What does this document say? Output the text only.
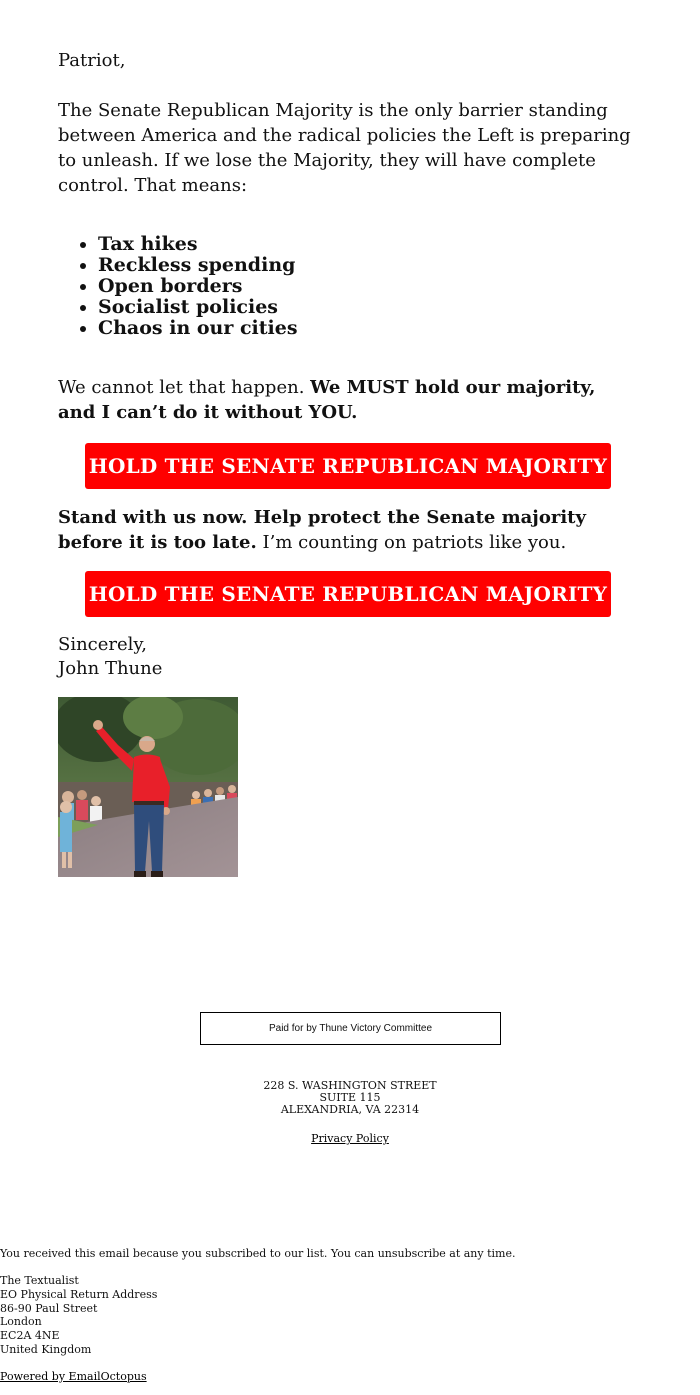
Patriot,

The Senate Republican Majority is the only barrier standing between America and the radical policies the Left is preparing to unleash. If we lose the Majority, they will have complete control. That means:

• Tax hikes
• Reckless spending
• Open borders
• Socialist policies
• Chaos in our cities

We cannot let that happen. We MUST hold our majority, and I can’t do it without YOU.

HOLD THE SENATE REPUBLICAN MAJORITY

Stand with us now. Help protect the Senate majority before it is too late. I’m counting on patriots like you.

HOLD THE SENATE REPUBLICAN MAJORITY

Sincerely,
John Thune

Paid for by Thune Victory Committee
228 S. WASHINGTON STREET
SUITE 115
ALEXANDRIA, VA 22314
Privacy Policy
You received this email because you subscribed to our list. You can unsubscribe at any time.
The Textualist
EO Physical Return Address
86-90 Paul Street
London
EC2A 4NE
United Kingdom
Powered by EmailOctopus
